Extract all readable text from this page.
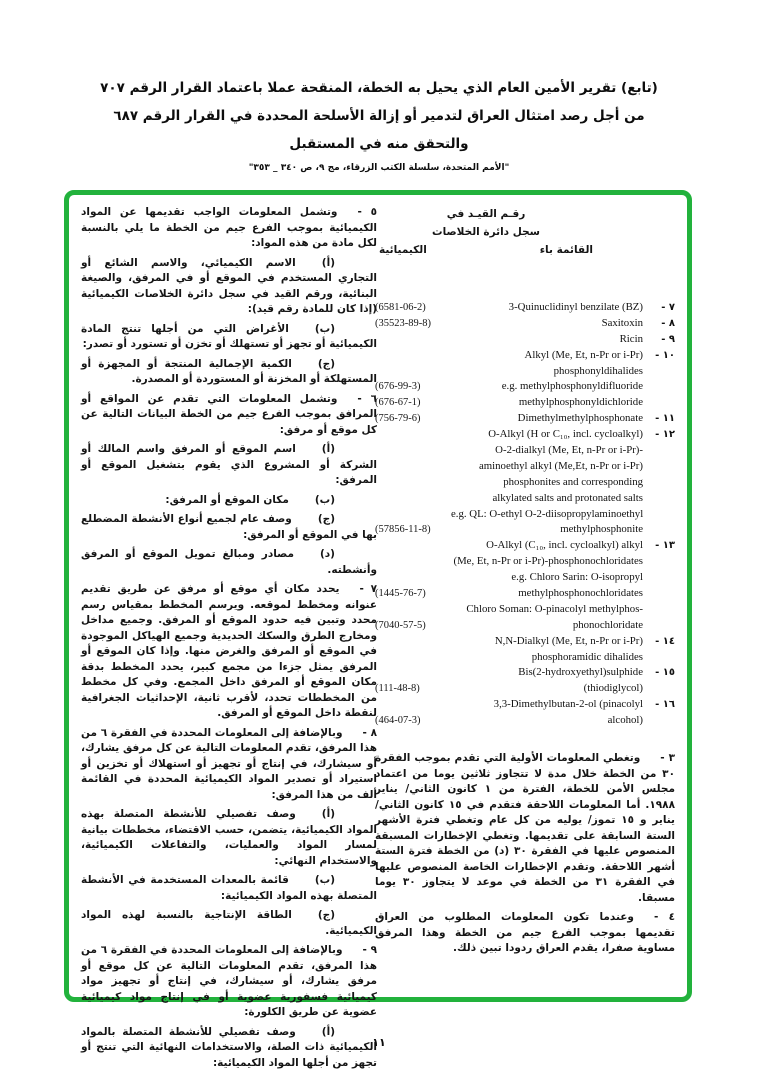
(تابع) تقرير الأمين العام الذي يحيل به الخطة، المنقحة عملا باعتماد القرار الرقم ٧٠٧
من أجل رصد امتثال العراق لتدمير أو إزالة الأسلحة المحددة في القرار الرقم ٦٨٧
والتحقق منه في المستقبل
"الأمم المتحدة، سلسلة الكتب الزرقاء، مج ٩، ص ٣٤٠ _ ٣٥٣"
٥ -وتشمل المعلومات الواجب تقديمها عن المواد الكيميائية بموجب الفرع جيم من الخطة ما يلي بالنسبة لكل مادة من هذه المواد:
(أ)الاسم الكيميائي، والاسم الشائع أو التجاري المستخدم في الموقع أو في المرفق، والصيغة البنائية، ورقم القيد في سجل دائرة الخلاصات الكيميائية (إذا كان للمادة رقم قيد):
(ب)الأغراض التي من أجلها تنتج المادة الكيميائية أو تجهز أو تستهلك أو تخزن أو تستورد أو تصدر:
(ج)الكمية الإجمالية المنتجة أو المجهزة أو المستهلكة أو المخزنة أو المستوردة أو المصدرة.
٦ -وتشمل المعلومات التي تقدم عن المواقع أو المرافق بموجب الفرع جيم من الخطة البيانات التالية عن كل موقع أو مرفق:
(أ)اسم الموقع أو المرفق واسم المالك أو الشركة أو المشروع الذي يقوم بتشغيل الموقع أو المرفق:
(ب)مكان الموقع أو المرفق:
(ج)وصف عام لجميع أنواع الأنشطة المضطلع بها في الموقع أو المرفق:
(د)مصادر ومبالغ تمويل الموقع أو المرفق وأنشطته.
٧ -يحدد مكان أي موقع أو مرفق عن طريق تقديم عنوانه ومخطط لموقعه. ويرسم المخطط بمقياس رسم محدد وتبين فيه حدود الموقع أو المرفق. وجميع مداخل ومخارج الطرق والسكك الحديدية وجميع الهياكل الموجودة في الموقع أو المرفق والغرض منها. وإذا كان الموقع أو المرفق يمثل جزءا من مجمع كبير، يحدد المخطط بدقة مكان الموقع أو المرفق داخل المجمع. وفي كل مخطط من المخططات تحدد، لأقرب ثانية، الإحداثيات الجغرافية لنقطة داخل الموقع أو المرفق.
٨ -وبالإضافة إلى المعلومات المحددة في الفقرة ٦ من هذا المرفق، تقدم المعلومات التالية عن كل مرفق يشارك، أو سيشارك، في إنتاج أو تجهيز أو استهلاك أو تخزين أو استيراد أو تصدير المواد الكيميائية المحددة في القائمة ألف من هذا المرفق:
(أ)وصف تفصيلي للأنشطة المتصلة بهذه المواد الكيميائية، يتضمن، حسب الاقتضاء، مخططات بيانية لمسار المواد والعمليات، والتفاعلات الكيميائية، والاستخدام النهائي:
(ب)قائمة بالمعدات المستخدمة في الأنشطة المتصلة بهذه المواد الكيميائية:
(ج)الطاقة الإنتاجية بالنسبة لهذه المواد الكيميائية.
٩ -وبالإضافة إلى المعلومات المحددة في الفقرة ٦ من هذا المرفق، تقدم المعلومات التالية عن كل موقع أو مرفق يشارك، أو سيشارك، في إنتاج أو تجهيز مواد كيميائية فسفورية عضوية أو في إنتاج مواد كيميائية عضوية عن طريق الكلورة:
(أ)وصف تفصيلي للأنشطة المتصلة بالمواد الكيميائية ذات الصلة، والاستخدامات النهائية التي تنتج أو تجهز من أجلها المواد الكيميائية:
رقـم القيـد في
سجل دائرة الخلاصات
القائمة باء
الكيميائية
(6581-06-2)	3-Quinuclidinyl benzilate (BZ)	- ٧
(35523-89-8)	Saxitoxin	- ٨
Ricin	- ٩
Alkyl (Me, Et, n-Pr or i-Pr)	- ١٠
phosphonyldihalides
(676-99-3)	e.g. methylphosphonyldifluoride
(676-67-1)	methylphosphonyldichloride
(756-79-6)	Dimethylmethylphosphonate	- ١١
O-Alkyl (H or C₁₀, incl. cycloalkyl)	- ١٢
O-2-dialkyl (Me, Et, n-Pr or i-Pr)-
aminoethyl alkyl (Me,Et, n-Pr or i-Pr)
phosphonites and corresponding
alkylated salts and protonated salts
e.g. QL: O-ethyl O-2-diisopropylaminoethyl
(57856-11-8)	methylphosphonite
O-Alkyl (C₁₀, incl. cycloalkyl) alkyl	- ١٣
(Me, Et, n-Pr or i-Pr)-phosphonochloridates
e.g. Chloro Sarin: O-isopropyl
(1445-76-7)	methylphosphonochloridates
Chloro Soman: O-pinacolyl methylphos-
(7040-57-5)	phonochloridate
N,N-Dialkyl (Me, Et, n-Pr or i-Pr)	- ١٤
phosphoramidic dihalides
Bis(2-hydroxyethyl)sulphide	- ١٥
(111-48-8)	(thiodiglycol)
3,3-Dimethylbutan-2-ol (pinacolyl	- ١٦
(464-07-3)	alcohol)
٣ -وتغطي المعلومات الأولية التي تقدم بموجب الفقرة ٣٠ من الخطة خلال مدة لا تتجاوز ثلاثين يوما من اعتماد مجلس الأمن للخطة، الفترة من ١ كانون الثاني/ يناير ١٩٨٨. أما المعلومات اللاحقة فتقدم في ١٥ كانون الثاني/ يناير و ١٥ تموز/ يوليه من كل عام وتغطي فترة الأشهر الستة السابقة على تقديمها. وتغطي الإخطارات المسبقة المنصوص عليها في الفقرة ٣٠ (د) من الخطة فترة الستة أشهر اللاحقة. وتقدم الإخطارات الخاصة المنصوص عليها في الفقرة ٣١ من الخطة في موعد لا يتجاوز ٣٠ يوما مسبقا.
٤ -وعندما تكون المعلومات المطلوب من العراق تقديمها بموجب الفرع جيم من الخطة وهذا المرفق مساوية صفرا، يقدم العراق ردودا تبين ذلك.
١١
